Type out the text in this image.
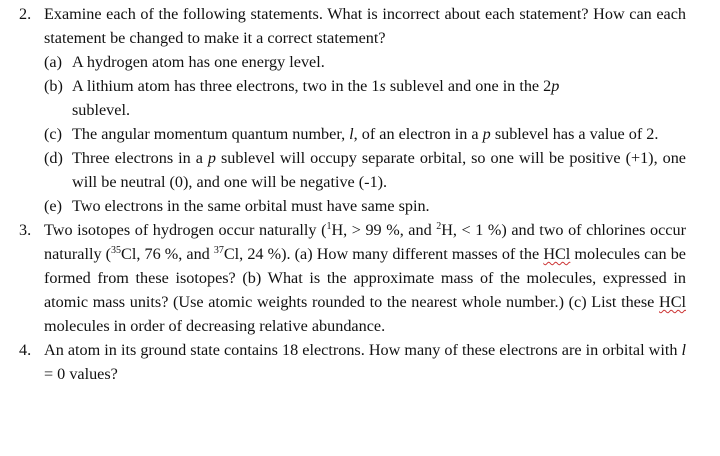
2. Examine each of the following statements. What is incorrect about each statement? How can each statement be changed to make it a correct statement?
(a) A hydrogen atom has one energy level.
(b) A lithium atom has three electrons, two in the 1s sublevel and one in the 2p
sublevel.
(c) The angular momentum quantum number, l, of an electron in a p sublevel has a value of 2.
(d) Three electrons in a p sublevel will occupy separate orbital, so one will be positive (+1), one will be neutral (0), and one will be negative (-1).
(e) Two electrons in the same orbital must have same spin.
3. Two isotopes of hydrogen occur naturally ($^1$H, > 99 %, and $^2$H, < 1 %) and two of chlorines occur naturally ($^{35}$Cl, 76 %, and $^{37}$Cl, 24 %). (a) How many different masses of the HCl molecules can be formed from these isotopes? (b) What is the approximate mass of the molecules, expressed in atomic mass units? (Use atomic weights rounded to the nearest whole number.) (c) List these HCl molecules in order of decreasing relative abundance.
4. An atom in its ground state contains 18 electrons. How many of these electrons are in orbital with l = 0 values?
